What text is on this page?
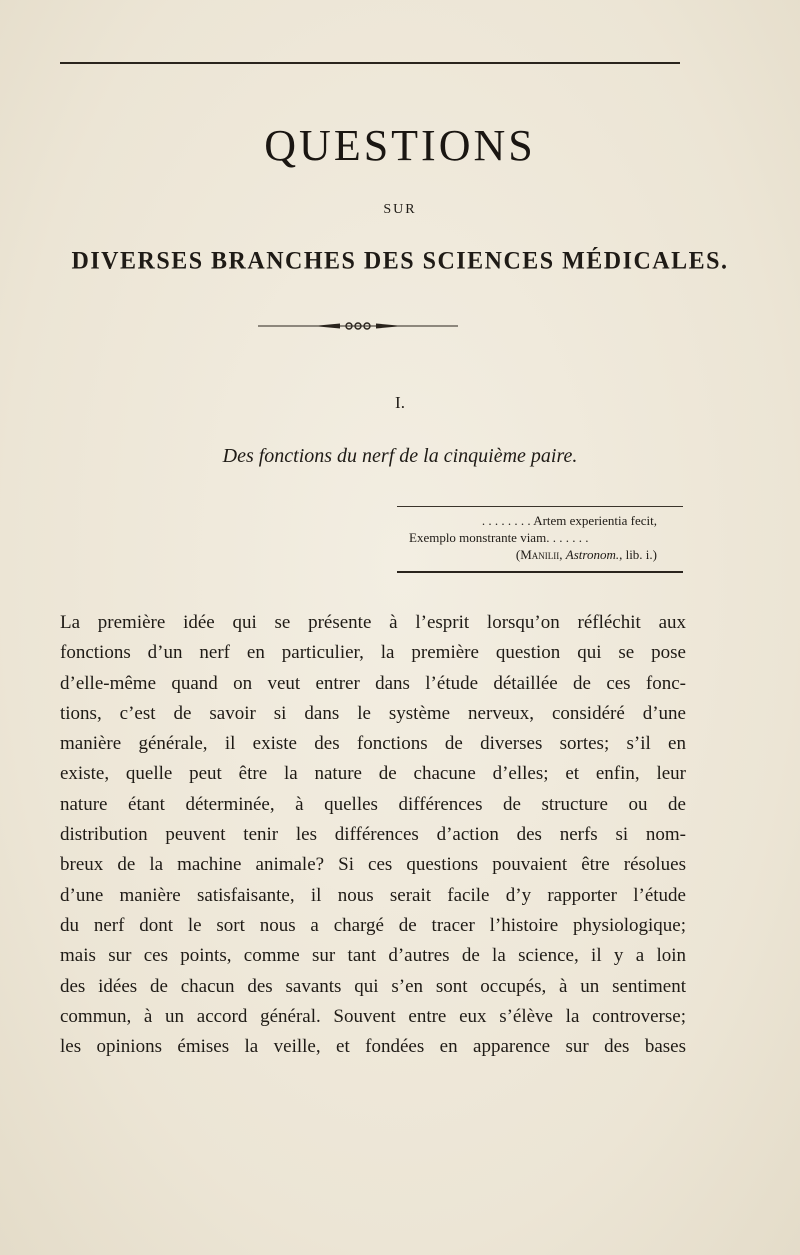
QUESTIONS
SUR
DIVERSES BRANCHES DES SCIENCES MÉDICALES.
I.
Des fonctions du nerf de la cinquième paire.
. . . . . . . . Artem experientia fecit,
Exemplo monstrante viam. . . . . . .
(Manilii, Astronom., lib. i.)
La première idée qui se présente à l’esprit lorsqu’on réfléchit aux
fonctions d’un nerf en particulier, la première question qui se pose
d’elle-même quand on veut entrer dans l’étude détaillée de ces fonc-
tions, c’est de savoir si dans le système nerveux, considéré d’une
manière générale, il existe des fonctions de diverses sortes; s’il en
existe, quelle peut être la nature de chacune d’elles; et enfin, leur
nature étant déterminée, à quelles différences de structure ou de
distribution peuvent tenir les différences d’action des nerfs si nom-
breux de la machine animale? Si ces questions pouvaient être résolues
d’une manière satisfaisante, il nous serait facile d’y rapporter l’étude
du nerf dont le sort nous a chargé de tracer l’histoire physiologique;
mais sur ces points, comme sur tant d’autres de la science, il y a loin
des idées de chacun des savants qui s’en sont occupés, à un sentiment
commun, à un accord général. Souvent entre eux s’élève la controverse;
les opinions émises la veille, et fondées en apparence sur des bases
